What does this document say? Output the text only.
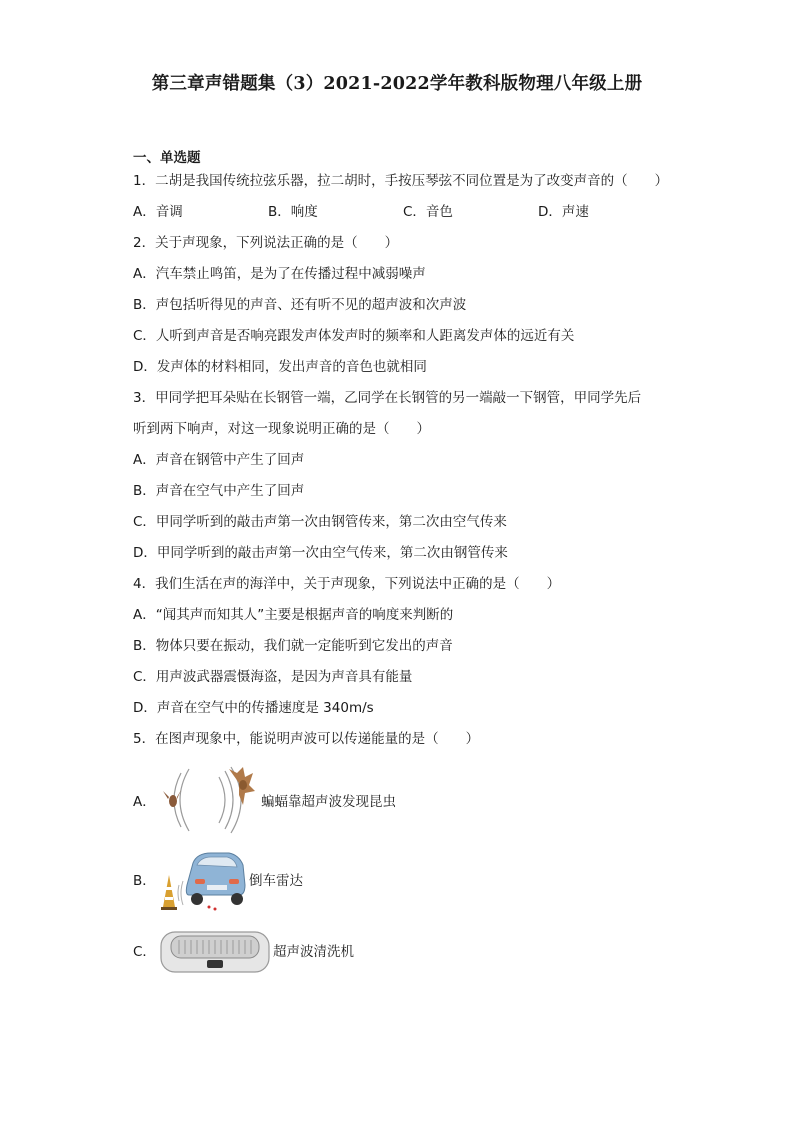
第三章声错题集（3）2021-2022学年教科版物理八年级上册
一、单选题
1．二胡是我国传统拉弦乐器，拉二胡时，手按压琴弦不同位置是为了改变声音的（　　）
A．音调	B．响度	C．音色	D．声速
2．关于声现象，下列说法正确的是（　　）
A．汽车禁止鸣笛，是为了在传播过程中减弱噪声
B．声包括听得见的声音、还有听不见的超声波和次声波
C．人听到声音是否响亮跟发声体发声时的频率和人距离发声体的远近有关
D．发声体的材料相同，发出声音的音色也就相同
3．甲同学把耳朵贴在长钢管一端，乙同学在长钢管的另一端敲一下钢管，甲同学先后
听到两下响声，对这一现象说明正确的是（　　）
A．声音在钢管中产生了回声
B．声音在空气中产生了回声
C．甲同学听到的敲击声第一次由钢管传来，第二次由空气传来
D．甲同学听到的敲击声第一次由空气传来，第二次由钢管传来
4．我们生活在声的海洋中，关于声现象，下列说法中正确的是（　　）
A．“闻其声而知其人”主要是根据声音的响度来判断的
B．物体只要在振动，我们就一定能听到它发出的声音
C．用声波武器震慑海盗，是因为声音具有能量
D．声音在空气中的传播速度是 340m/s
5．在图声现象中，能说明声波可以传递能量的是（　　）
A．	蝙蝠靠超声波发现昆虫
B．	倒车雷达
C．	超声波清洗机
